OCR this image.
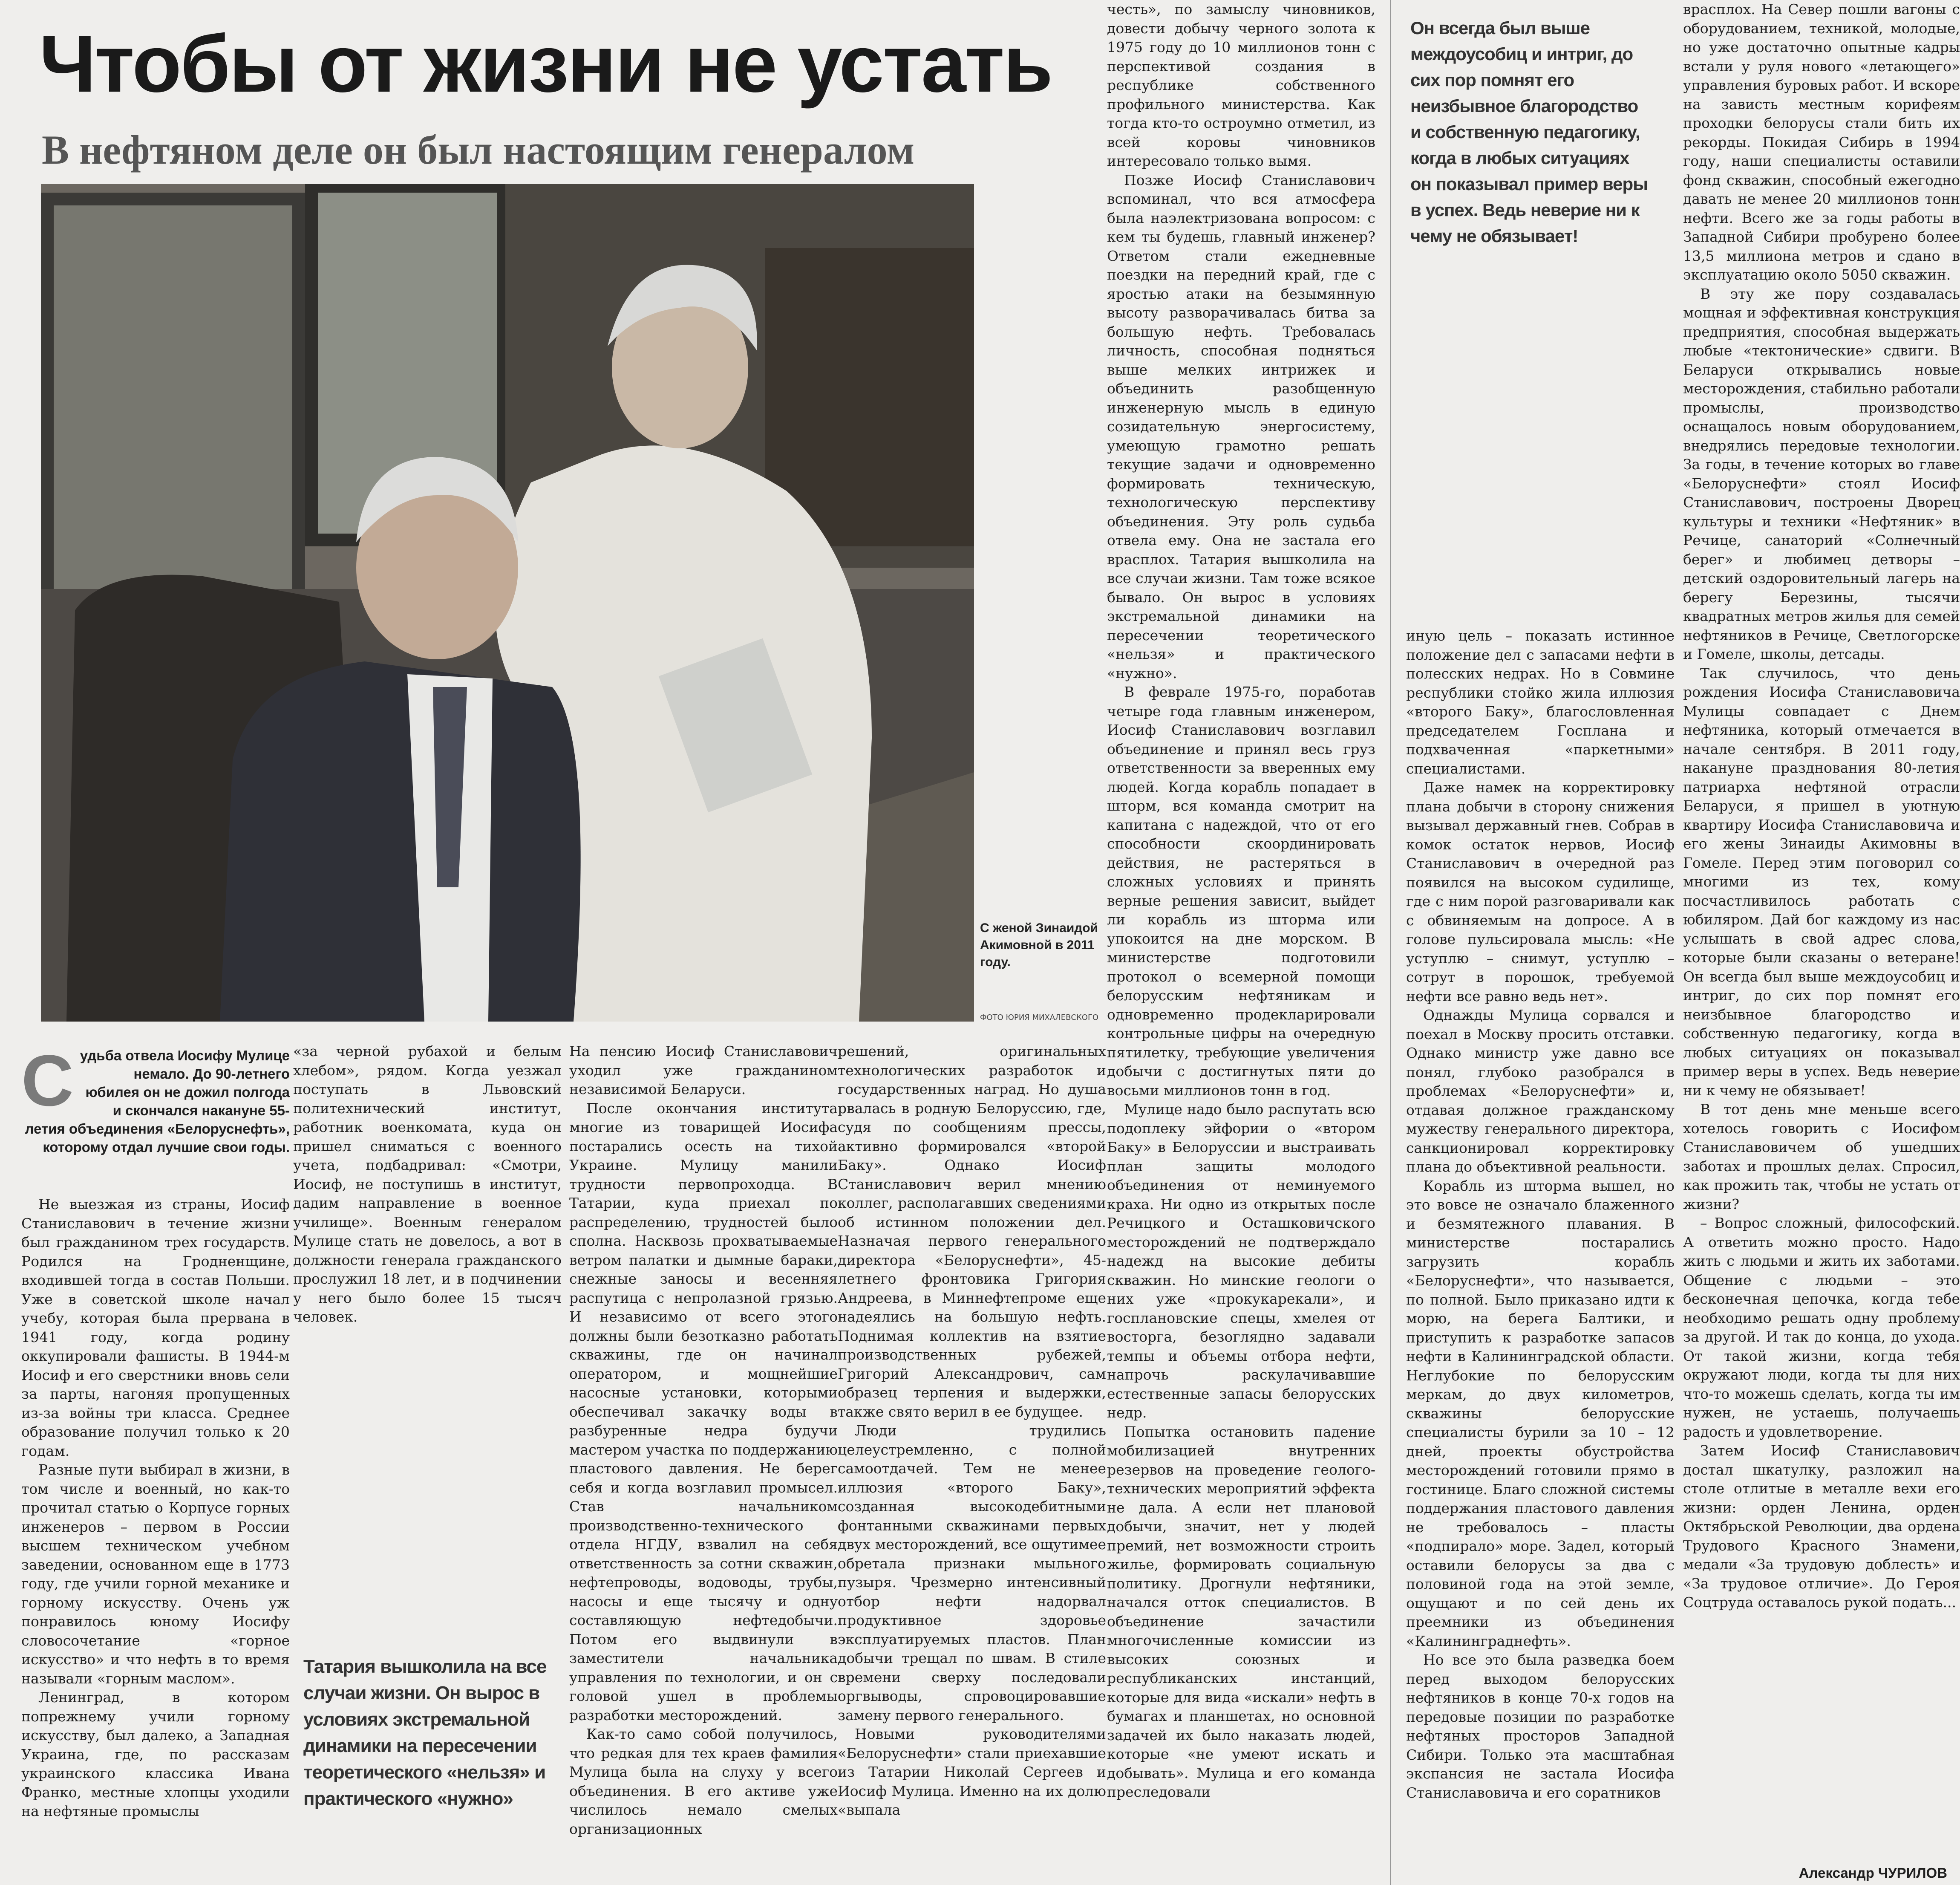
Чтобы от жизни не устать
В нефтяном деле он был настоящим генералом
С женой Зинаидой Акимовной в 2011 году.
ФОТО ЮРИЯ МИХАЛЕВСКОГО
С удьба отвела Иосифу Мулице немало. До 90-летнего юбилея он не дожил полгода и скончался накануне 55-летия объединения «Белоруснефть», которому отдал лучшие свои годы.

Не выезжая из страны, Иосиф Станиславович в течение жизни был гражданином трех государств. Родился на Гродненщине, входившей тогда в состав Польши. Уже в советской школе начал учебу, которая была прервана в 1941 году, когда родину оккупировали фашисты. В 1944-м Иосиф и его сверстники вновь сели за парты, нагоняя пропущенных из-за войны три класса. Среднее образование получил только к 20 годам.

Разные пути выбирал в жизни, в том числе и военный, но как-то прочитал статью о Корпусе горных инженеров – первом в России высшем техническом учебном заведении, основанном еще в 1773 году, где учили горной механике и горному искусству. Очень уж понравилось юному Иосифу словосочетание «горное искусство» и что нефть в то время называли «горным маслом».

Ленинград, в котором попрежнему учили горному искусству, был далеко, а Западная Украина, где, по рассказам украинского классика Ивана Франко, местные хлопцы уходили на нефтяные промыслы

«за черной рубахой и белым хлебом», рядом. Когда уезжал поступать в Львовский политехнический институт, работник военкомата, куда он пришел сниматься с военного учета, подбадривал: «Смотри, Иосиф, не поступишь в институт, дадим направление в военное училище». Военным генералом Мулице стать не довелось, а вот в должности генерала гражданского прослужил 18 лет, и в подчинении у него было более 15 тысяч человек.

Татария вышколила на все случаи жизни. Он вырос в условиях экстремальной динамики на пересечении теоретического «нельзя» и практического «нужно»

На пенсию Иосиф Станиславович уходил уже гражданином независимой Беларуси.

После окончания института многие из товарищей Иосифа постарались осесть на тихой Украине. Мулицу манили трудности первопроходца. В Татарии, куда приехал по распределению, трудностей было сполна. Насквозь прохватываемые ветром палатки и дымные бараки, снежные заносы и весенняя распутица с непролазной грязью. И независимо от всего этого должны были безотказно работать скважины, где он начинал оператором, и мощнейшие насосные установки, которыми обеспечивал закачку воды в разбуренные недра будучи мастером участка по поддержанию пластового давления. Не берег себя и когда возглавил промысел. Став начальником производственно-технического отдела НГДУ, взвалил на себя ответственность за сотни скважин, нефтепроводы, водоводы, трубы, насосы и еще тысячу и одну составляющую нефтедобычи. Потом его выдвинули в заместители начальника управления по технологии, и он с головой ушел в проблемы разработки месторождений.

Как-то само собой получилось, что редкая для тех краев фамилия Мулица была на слуху у всего объединения. В его активе уже числилось немало смелых организационных

решений, оригинальных технологических разработок и государственных наград. Но душа рвалась в родную Белоруссию, где, судя по сообщениям прессы, активно формировался «второй Баку». Однако Иосиф Станиславович верил мнению коллег, располагавших сведениями об истинном положении дел. Назначая первого генерального директора «Белоруснефти», 45-летнего фронтовика Григория Андреева, в Миннефтепроме еще надеялись на большую нефть. Поднимая коллектив на взятие производственных рубежей, Григорий Александрович, сам образец терпения и выдержки, также свято верил в ее будущее.

Люди трудились целеустремленно, с полной самоотдачей. Тем не менее иллюзия «второго Баку», созданная высокодебитными фонтанными скважинами первых двух месторождений, все ощутимее обретала признаки мыльного пузыря. Чрезмерно интенсивный отбор нефти надорвал продуктивное здоровье эксплуатируемых пластов. План добычи трещал по швам. В стиле времени сверху последовали оргвыводы, спровоцировавшие замену первого генерального.

Новыми руководителями «Белоруснефти» стали приехавшие из Татарии Николай Сергеев и Иосиф Мулица. Именно на их долю «выпала

честь», по замыслу чиновников, довести добычу черного золота к 1975 году до 10 миллионов тонн с перспективой создания в республике собственного профильного министерства. Как тогда кто-то остроумно отметил, из всей коровы чиновников интересовало только вымя.

Позже Иосиф Станиславович вспоминал, что вся атмосфера была наэлектризована вопросом: с кем ты будешь, главный инженер? Ответом стали ежедневные поездки на передний край, где с яростью атаки на безымянную высоту разворачивалась битва за большую нефть. Требовалась личность, способная подняться выше мелких интрижек и объединить разобщенную инженерную мысль в единую созидательную энергосистему, умеющую грамотно решать текущие задачи и одновременно формировать техническую, технологическую перспективу объединения. Эту роль судьба отвела ему. Она не застала его врасплох. Татария вышколила на все случаи жизни. Там тоже всякое бывало. Он вырос в условиях экстремальной динамики на пересечении теоретического «нельзя» и практического «нужно».

В феврале 1975-го, поработав четыре года главным инженером, Иосиф Станиславович возглавил объединение и принял весь груз ответственности за вверенных ему людей. Когда корабль попадает в шторм, вся команда смотрит на капитана с надеждой, что от его способности скоординировать действия, не растеряться в сложных условиях и принять верные решения зависит, выйдет ли корабль из шторма или упокоится на дне морском. В министерстве подготовили протокол о всемерной помощи белорусским нефтяникам и одновременно продекларировали контрольные цифры на очередную пятилетку, требующие увеличения добычи с достигнутых пяти до восьми миллионов тонн в год.

Мулице надо было распутать всю подоплеку эйфории о «втором Баку» в Белоруссии и выстраивать план защиты молодого объединения от неминуемого краха. Ни одно из открытых после Речицкого и Осташковичского месторождений не подтверждало надежд на высокие дебиты скважин. Но минские геологи о них уже «прокукарекали», и госплановские спецы, хмелея от восторга, безоглядно задавали темпы и объемы отбора нефти, напрочь раскулачивавшие естественные запасы белорусских недр.

Попытка остановить падение мобилизацией внутренних резервов на проведение геолого-технических мероприятий эффекта не дала. А если нет плановой добычи, значит, нет у людей премий, нет возможности строить жилье, формировать социальную политику. Дрогнули нефтяники, начался отток специалистов. В объединение зачастили многочисленные комиссии из высоких союзных и республиканских инстанций, которые для вида «искали» нефть в бумагах и планшетах, но основной задачей их было наказать людей, которые «не умеют искать и добывать». Мулица и его команда преследовали

Он всегда был выше междоусобиц и интриг, до сих пор помнят его неизбывное благородство и собственную педагогику, когда в любых ситуациях он показывал пример веры в успех. Ведь неверие ни к чему не обязывает!

иную цель – показать истинное положение дел с запасами нефти в полесских недрах. Но в Совмине республики стойко жила иллюзия «второго Баку», благословленная председателем Госплана и подхваченная «паркетными» специалистами.

Даже намек на корректировку плана добычи в сторону снижения вызывал державный гнев. Собрав в комок остаток нервов, Иосиф Станиславович в очередной раз появился на высоком судилище, где с ним порой разговаривали как с обвиняемым на допросе. А в голове пульсировала мысль: «Не уступлю – снимут, уступлю – сотрут в порошок, требуемой нефти все равно ведь нет».

Однажды Мулица сорвался и поехал в Москву просить отставки. Однако министр уже давно все понял, глубоко разобрался в проблемах «Белоруснефти» и, отдавая должное гражданскому мужеству генерального директора, санкционировал корректировку плана до объективной реальности.

Корабль из шторма вышел, но это вовсе не означало блаженного и безмятежного плавания. В министерстве постарались загрузить корабль «Белоруснефти», что называется, по полной. Было приказано идти к морю, на берега Балтики, и приступить к разработке запасов нефти в Калининградской области. Неглубокие по белорусским меркам, до двух километров, скважины белорусские специалисты бурили за 10 – 12 дней, проекты обустройства месторождений готовили прямо в гостинице. Благо сложной системы поддержания пластового давления не требовалось – пласты «подпирало» море. Задел, который оставили белорусы за два с половиной года на этой земле, ощущают и по сей день их преемники из объединения «Калининграднефть».

Но все это была разведка боем перед выходом белорусских нефтяников в конце 70-х годов на передовые позиции по разработке нефтяных просторов Западной Сибири. Только эта масштабная экспансия не застала Иосифа Станиславовича и его соратников

врасплох. На Север пошли вагоны с оборудованием, техникой, молодые, но уже достаточно опытные кадры встали у руля нового «летающего» управления буровых работ. И вскоре на зависть местным корифеям проходки белорусы стали бить их рекорды. Покидая Сибирь в 1994 году, наши специалисты оставили фонд скважин, способный ежегодно давать не менее 20 миллионов тонн нефти. Всего же за годы работы в Западной Сибири пробурено более 13,5 миллиона метров и сдано в эксплуатацию около 5050 скважин.

В эту же пору создавалась мощная и эффективная конструкция предприятия, способная выдержать любые «тектонические» сдвиги. В Беларуси открывались новые месторождения, стабильно работали промыслы, производство оснащалось новым оборудованием, внедрялись передовые технологии. За годы, в течение которых во главе «Белоруснефти» стоял Иосиф Станиславович, построены Дворец культуры и техники «Нефтяник» в Речице, санаторий «Солнечный берег» и любимец детворы – детский оздоровительный лагерь на берегу Березины, тысячи квадратных метров жилья для семей нефтяников в Речице, Светлогорске и Гомеле, школы, детсады.

Так случилось, что день рождения Иосифа Станиславовича Мулицы совпадает с Днем нефтяника, который отмечается в начале сентября. В 2011 году, накануне празднования 80-летия патриарха нефтяной отрасли Беларуси, я пришел в уютную квартиру Иосифа Станиславовича и его жены Зинаиды Акимовны в Гомеле. Перед этим поговорил со многими из тех, кому посчастливилось работать с юбиляром. Дай бог каждому из нас услышать в свой адрес слова, которые были сказаны о ветеране! Он всегда был выше междоусобиц и интриг, до сих пор помнят его неизбывное благородство и собственную педагогику, когда в любых ситуациях он показывал пример веры в успех. Ведь неверие ни к чему не обязывает!

В тот день мне меньше всего хотелось говорить с Иосифом Станиславовичем об ушедших заботах и прошлых делах. Спросил, как прожить так, чтобы не устать от жизни?

– Вопрос сложный, философский. А ответить можно просто. Надо жить с людьми и жить их заботами. Общение с людьми – это бесконечная цепочка, когда тебе необходимо решать одну проблему за другой. И так до конца, до ухода. От такой жизни, когда тебя окружают люди, когда ты для них что-то можешь сделать, когда ты им нужен, не устаешь, получаешь радость и удовлетворение.

Затем Иосиф Станиславович достал шкатулку, разложил на столе отлитые в металле вехи его жизни: орден Ленина, орден Октябрьской Революции, два ордена Трудового Красного Знамени, медали «За трудовую доблесть» и «За трудовое отличие». До Героя Соцтруда оставалось рукой подать...

Александр ЧУРИЛОВ
